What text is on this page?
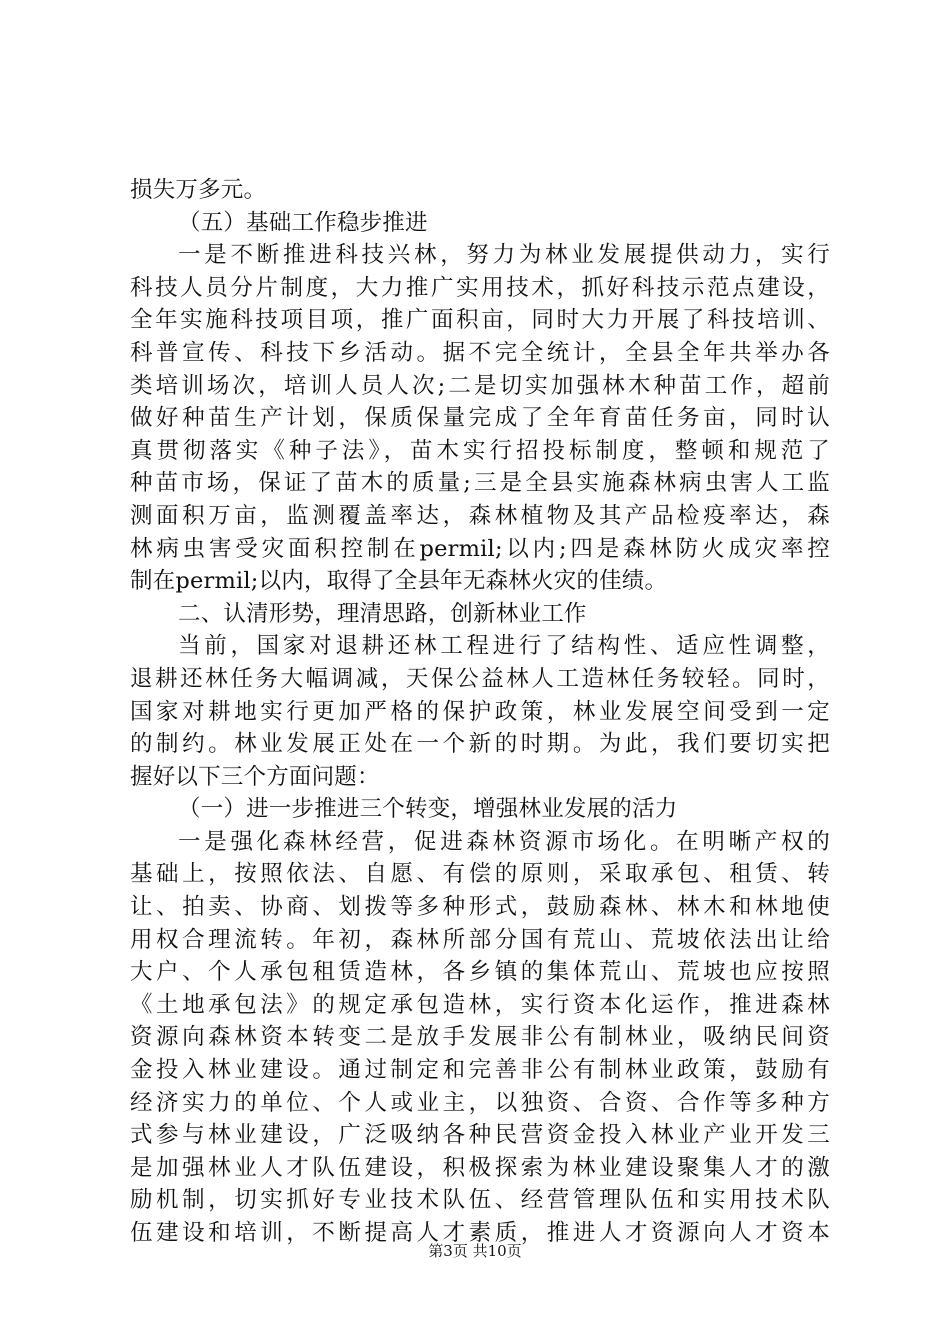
损失万多元。
（五）基础工作稳步推进
一是不断推进科技兴林，努力为林业发展提供动力，实行
科技人员分片制度，大力推广实用技术，抓好科技示范点建设，
全年实施科技项目项，推广面积亩，同时大力开展了科技培训、
科普宣传、科技下乡活动。据不完全统计，全县全年共举办各
类培训场次，培训人员人次;二是切实加强林木种苗工作，超前
做好种苗生产计划，保质保量完成了全年育苗任务亩，同时认
真贯彻落实《种子法》，苗木实行招投标制度，整顿和规范了
种苗市场，保证了苗木的质量;三是全县实施森林病虫害人工监
测面积万亩，监测覆盖率达，森林植物及其产品检疫率达，森
林病虫害受灾面积控制在permil;以内;四是森林防火成灾率控
制在permil;以内，取得了全县年无森林火灾的佳绩。
二、认清形势，理清思路，创新林业工作
当前，国家对退耕还林工程进行了结构性、适应性调整，
退耕还林任务大幅调减，天保公益林人工造林任务较轻。同时，
国家对耕地实行更加严格的保护政策，林业发展空间受到一定
的制约。林业发展正处在一个新的时期。为此，我们要切实把
握好以下三个方面问题：
（一）进一步推进三个转变，增强林业发展的活力
一是强化森林经营，促进森林资源市场化。在明晰产权的
基础上，按照依法、自愿、有偿的原则，采取承包、租赁、转
让、拍卖、协商、划拨等多种形式，鼓励森林、林木和林地使
用权合理流转。年初，森林所部分国有荒山、荒坡依法出让给
大户、个人承包租赁造林，各乡镇的集体荒山、荒坡也应按照
《土地承包法》的规定承包造林，实行资本化运作，推进森林
资源向森林资本转变二是放手发展非公有制林业，吸纳民间资
金投入林业建设。通过制定和完善非公有制林业政策，鼓励有
经济实力的单位、个人或业主，以独资、合资、合作等多种方
式参与林业建设，广泛吸纳各种民营资金投入林业产业开发三
是加强林业人才队伍建设，积极探索为林业建设聚集人才的激
励机制，切实抓好专业技术队伍、经营管理队伍和实用技术队
伍建设和培训，不断提高人才素质，推进人才资源向人才资本
第3页 共10页
